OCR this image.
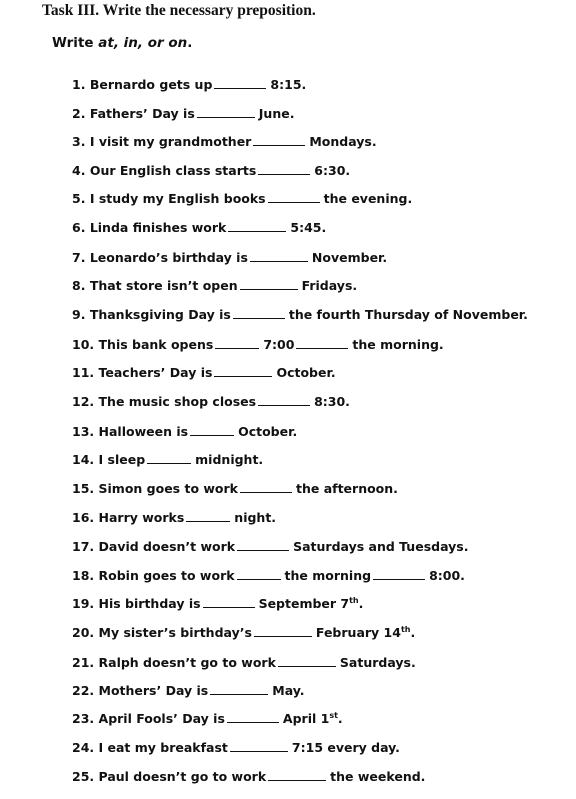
Task III. Write the necessary preposition.
Write at, in, or on.
1. Bernardo gets up	8:15.
2. Fathers’ Day is	June.
3. I visit my grandmother	Mondays.
4. Our English class starts	6:30.
5. I study my English books	the evening.
6. Linda finishes work	5:45.
7. Leonardo’s birthday is	November.
8. That store isn’t open	Fridays.
9. Thanksgiving Day is	the fourth Thursday of November.
10. This bank opens	7:00	the morning.
11. Teachers’ Day is	October.
12. The music shop closes	8:30.
13. Halloween is	October.
14. I sleep	midnight.
15. Simon goes to work	the afternoon.
16. Harry works	night.
17. David doesn’t work	Saturdays and Tuesdays.
18. Robin goes to work	the morning	8:00.
19. His birthday is	September 7th.
20. My sister’s birthday’s	February 14th.
21. Ralph doesn’t go to work	Saturdays.
22. Mothers’ Day is	May.
23. April Fools’ Day is	April 1st.
24. I eat my breakfast	7:15 every day.
25. Paul doesn’t go to work	the weekend.
